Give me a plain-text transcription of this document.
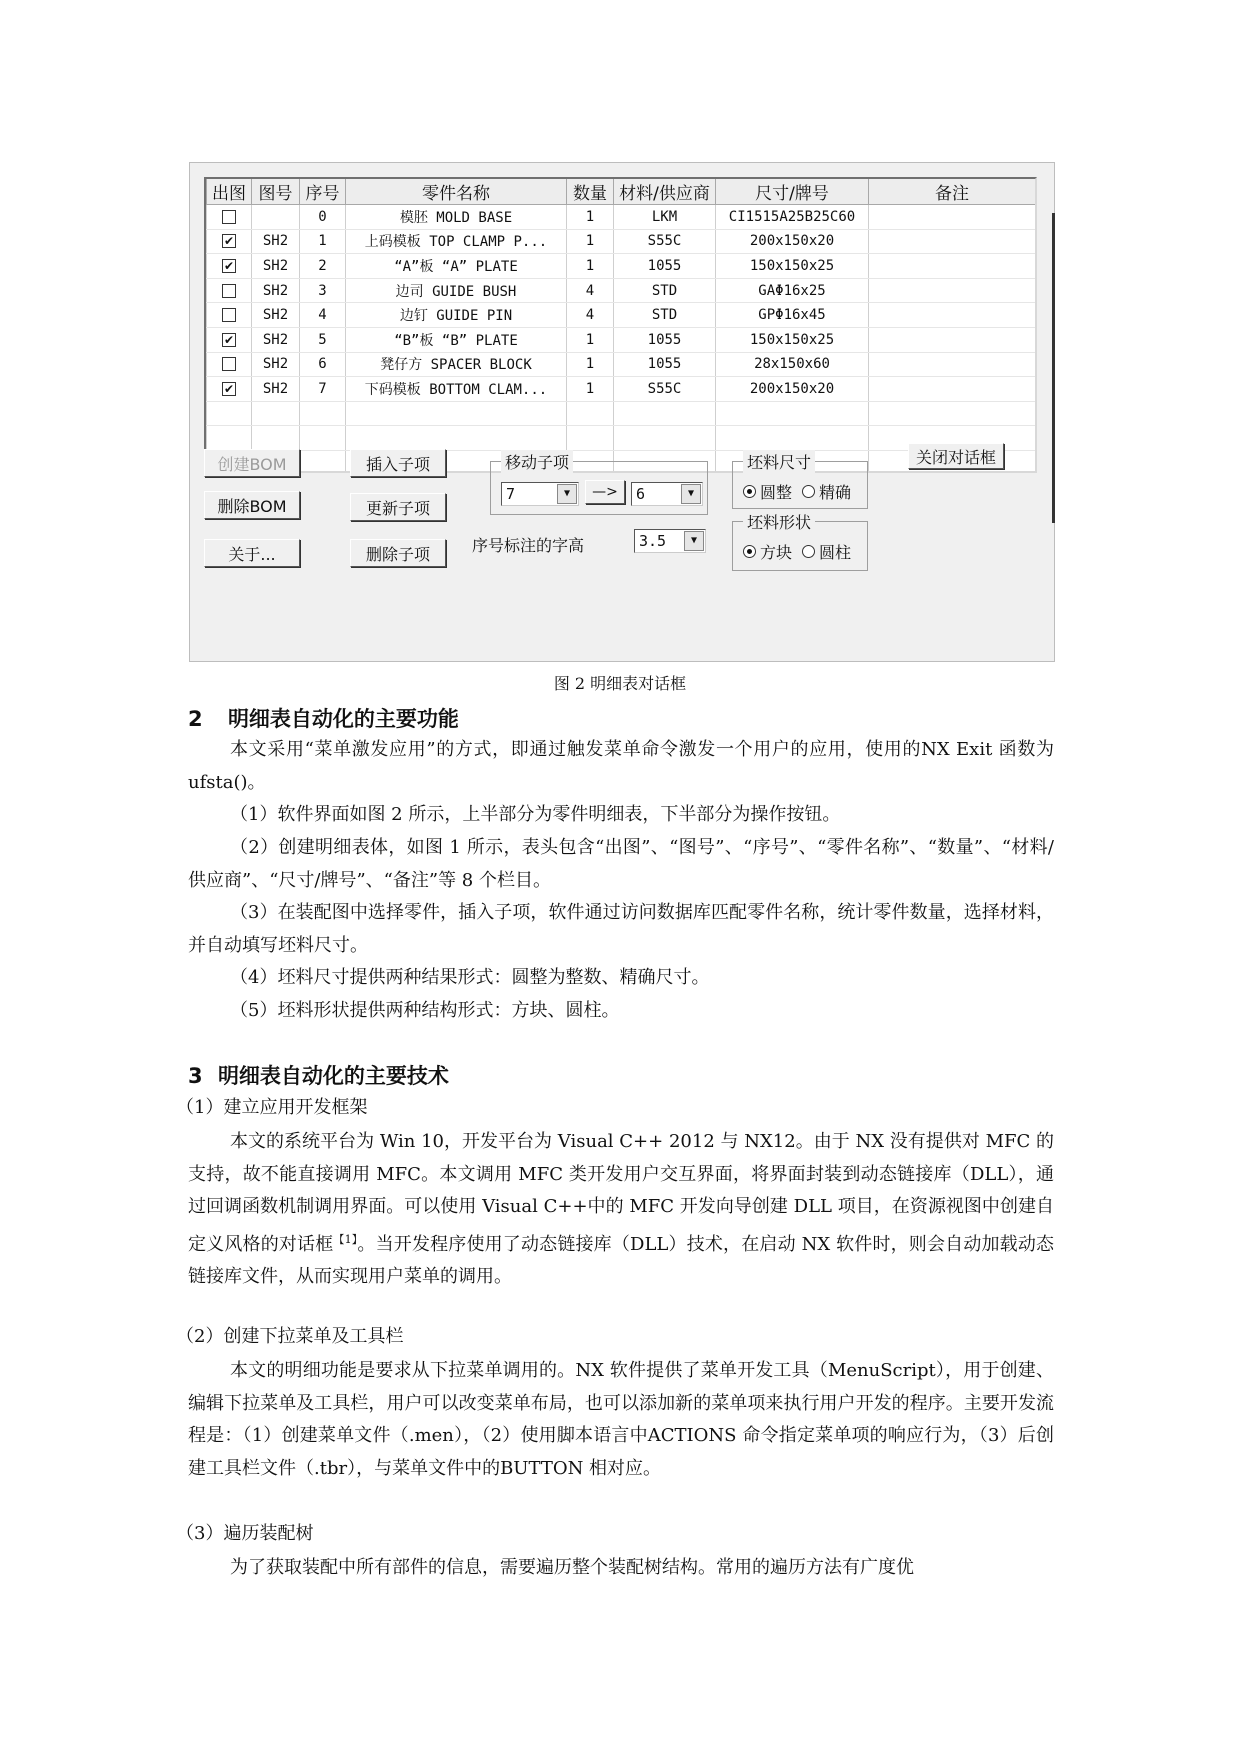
出图	图号	序号	零件名称	数量	材料/供应商	尺寸/牌号	备注
		0	模胚 MOLD BASE	1	LKM	CI1515A25B25C60	
✔	SH2	1	上码模板 TOP CLAMP P...	1	S55C	200x150x20	
✔	SH2	2	“A”板 “A” PLATE	1	1055	150x150x25	
	SH2	3	边司 GUIDE BUSH	4	STD	GAΦ16x25	
	SH2	4	边钉 GUIDE PIN	4	STD	GPΦ16x45	
✔	SH2	5	“B”板 “B” PLATE	1	1055	150x150x25	
	SH2	6	凳仔方 SPACER BLOCK	1	1055	28x150x60	
✔	SH2	7	下码模板 BOTTOM CLAM...	1	S55C	200x150x20	

创建BOM
删除BOM
关于...
插入子项
更新子项
删除子项
移动子项
7	▼	—>	6	▼
序号标注的字高	3.5	▼
坯料尺寸
圆整 精确
坯料形状
方块 圆柱
关闭对话框
图 2 明细表对话框
2 明细表自动化的主要功能
本文采用“菜单激发应用”的方式，即通过触发菜单命令激发一个用户的应用，使用的NX Exit 函数为 ufsta()。
（1）软件界面如图 2 所示，上半部分为零件明细表，下半部分为操作按钮。
（2）创建明细表体，如图 1 所示，表头包含“出图”、“图号”、“序号”、“零件名称”、“数量”、“材料/供应商”、“尺寸/牌号”、“备注”等 8 个栏目。
（3）在装配图中选择零件，插入子项，软件通过访问数据库匹配零件名称，统计零件数量，选择材料，并自动填写坯料尺寸。
（4）坯料尺寸提供两种结果形式：圆整为整数、精确尺寸。
（5）坯料形状提供两种结构形式：方块、圆柱。
3 明细表自动化的主要技术
（1）建立应用开发框架
本文的系统平台为 Win 10，开发平台为 Visual C++ 2012 与 NX12。由于 NX 没有提供对 MFC 的支持，故不能直接调用 MFC。本文调用 MFC 类开发用户交互界面，将界面封装到动态链接库（DLL），通过回调函数机制调用界面。可以使用 Visual C++中的 MFC 开发向导创建 DLL 项目，在资源视图中创建自定义风格的对话框$^{【1】}$。当开发程序使用了动态链接库（DLL）技术，在启动 NX 软件时，则会自动加载动态链接库文件，从而实现用户菜单的调用。
（2）创建下拉菜单及工具栏
本文的明细功能是要求从下拉菜单调用的。NX 软件提供了菜单开发工具（MenuScript），用于创建、编辑下拉菜单及工具栏，用户可以改变菜单布局，也可以添加新的菜单项来执行用户开发的程序。主要开发流程是：（1）创建菜单文件（.men），（2）使用脚本语言中ACTIONS 命令指定菜单项的响应行为，（3）后创建工具栏文件（.tbr），与菜单文件中的BUTTON 相对应。
（3）遍历装配树
为了获取装配中所有部件的信息，需要遍历整个装配树结构。常用的遍历方法有广度优
